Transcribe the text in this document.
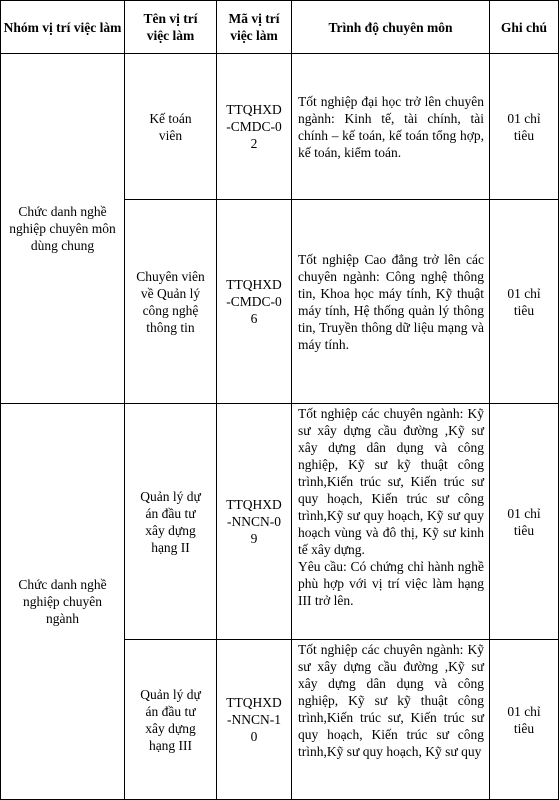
Nhóm vị trí việc làm	Tên vị trí việc làm	Mã vị trí việc làm	Trình độ chuyên môn	Ghi chú
Chức danh nghề nghiệp chuyên môn dùng chung	Kế toán viên	TTQHXD-CMDC-02	Tốt nghiệp đại học trở lên chuyên ngành: Kinh tế, tài chính, tài chính – kế toán, kế toán tổng hợp, kế toán, kiểm toán.	01 chỉ tiêu
	Chuyên viên về Quản lý công nghệ thông tin	TTQHXD-CMDC-06	Tốt nghiệp Cao đẳng trở lên các chuyên ngành: Công nghệ thông tin, Khoa học máy tính, Kỹ thuật máy tính, Hệ thống quản lý thông tin, Truyền thông dữ liệu mạng và máy tính.	01 chỉ tiêu
Chức danh nghề nghiệp chuyên ngành	Quản lý dự án đầu tư xây dựng hạng II	TTQHXD-NNCN-09	Tốt nghiệp các chuyên ngành: Kỹ sư xây dựng cầu đường ,Kỹ sư xây dựng dân dụng và công nghiệp, Kỹ sư kỹ thuật công trình,Kiến trúc sư, Kiến trúc sư quy hoạch, Kiến trúc sư công trình,Kỹ sư quy hoạch, Kỹ sư quy hoạch vùng và đô thị, Kỹ sư kinh tế xây dựng.
Yêu cầu: Có chứng chỉ hành nghề phù hợp với vị trí việc làm hạng III trở lên.	01 chỉ tiêu
	Quản lý dự án đầu tư xây dựng hạng III	TTQHXD-NNCN-10	Tốt nghiệp các chuyên ngành: Kỹ sư xây dựng cầu đường ,Kỹ sư xây dựng dân dụng và công nghiệp, Kỹ sư kỹ thuật công trình,Kiến trúc sư, Kiến trúc sư quy hoạch, Kiến trúc sư công trình,Kỹ sư quy hoạch, Kỹ sư quy	01 chỉ tiêu
